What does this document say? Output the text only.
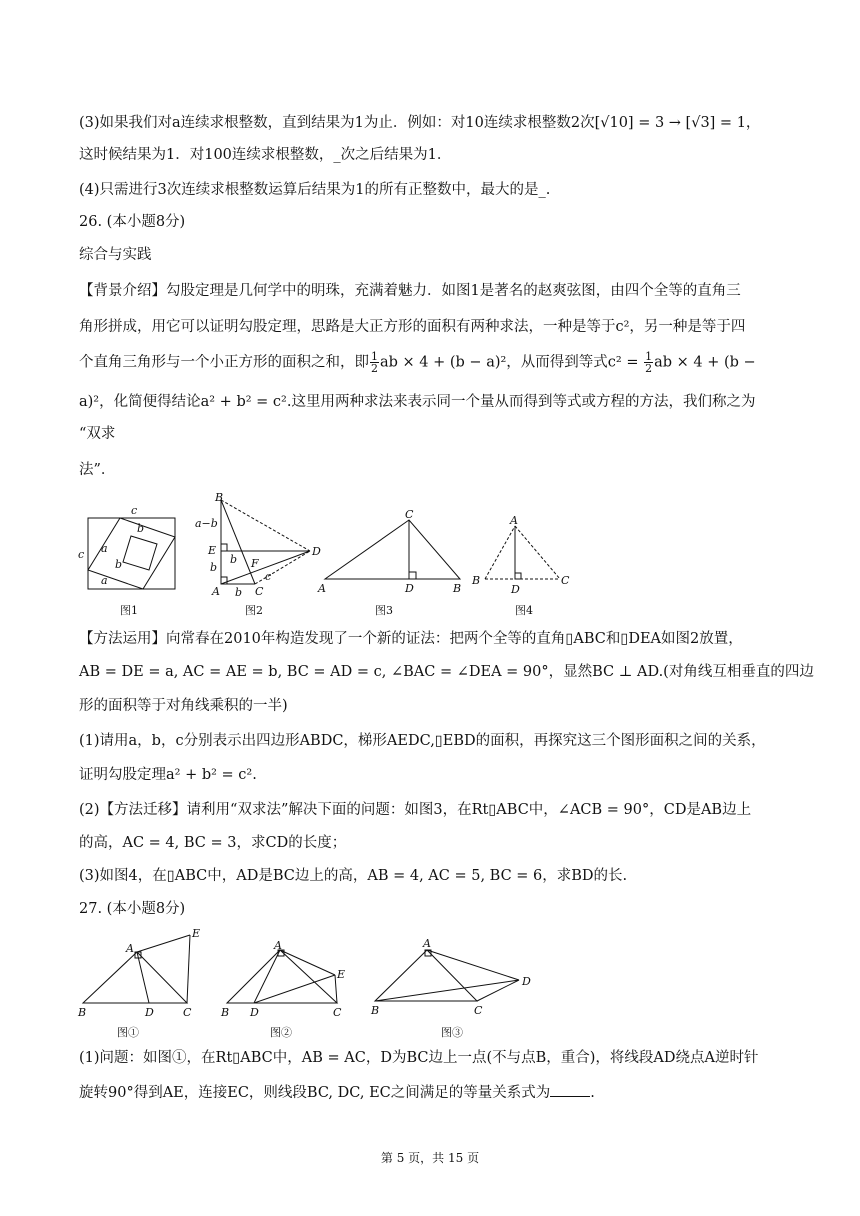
(3)如果我们对a连续求根整数，直到结果为1为止．例如：对10连续求根整数2次[√10] = 3 → [√3] = 1，
这时候结果为1．对100连续求根整数，_次之后结果为1．
(4)只需进行3次连续求根整数运算后结果为1的所有正整数中，最大的是_.
26. (本小题8分)
综合与实践
【背景介绍】勾股定理是几何学中的明珠，充满着魅力．如图1是著名的赵爽弦图，由四个全等的直角三
角形拼成，用它可以证明勾股定理，思路是大正方形的面积有两种求法，一种是等于c²，另一种是等于四
个直角三角形与一个小正方形的面积之和，即 $\frac{1}{2}$ ab × 4 + (b − a)²，从而得到等式$c^2 = \frac{1}{2}$ ab × 4 + (b −
a)²，化简便得结论a² + b² = c².这里用两种求法来表示同一个量从而得到等式或方程的方法，我们称之为
“双求
法”．
c
b
a
c
b
a
图1
B
a−b
E
b
b
A b C
F
c
D
图2
C
A	D	B
图3
A
B
D
C
图4
【方法运用】向常春在2010年构造发现了一个新的证法：把两个全等的直角▯ABC和▯DEA如图2放置，
AB = DE = a, AC = AE = b, BC = AD = c, ∠BAC = ∠DEA = 90°，显然BC ⊥ AD.(对角线互相垂直的四边
形的面积等于对角线乘积的一半)
(1)请用a，b，c分别表示出四边形ABDC，梯形AEDC,▯EBD的面积，再探究这三个图形面积之间的关系，
证明勾股定理a² + b² = c².
(2)【方法迁移】请利用“双求法”解决下面的问题：如图3，在Rt▯ABC中，∠ACB = 90°，CD是AB边上
的高，AC = 4, BC = 3，求CD的长度；
(3)如图4，在▯ABC中，AD是BC边上的高，AB = 4, AC = 5, BC = 6，求BD的长.
27. (本小题8分)
A
E
B	D	C
图①
A
E
B D	C
图②
A
D
B	C
图③
(1)问题：如图①，在Rt▯ABC中，AB = AC，D为BC边上一点(不与点B，重合)，将线段AD绕点A逆时针
旋转90°得到AE，连接EC，则线段BC, DC, EC之间满足的等量关系式为	.
第 5 页，共 15 页
